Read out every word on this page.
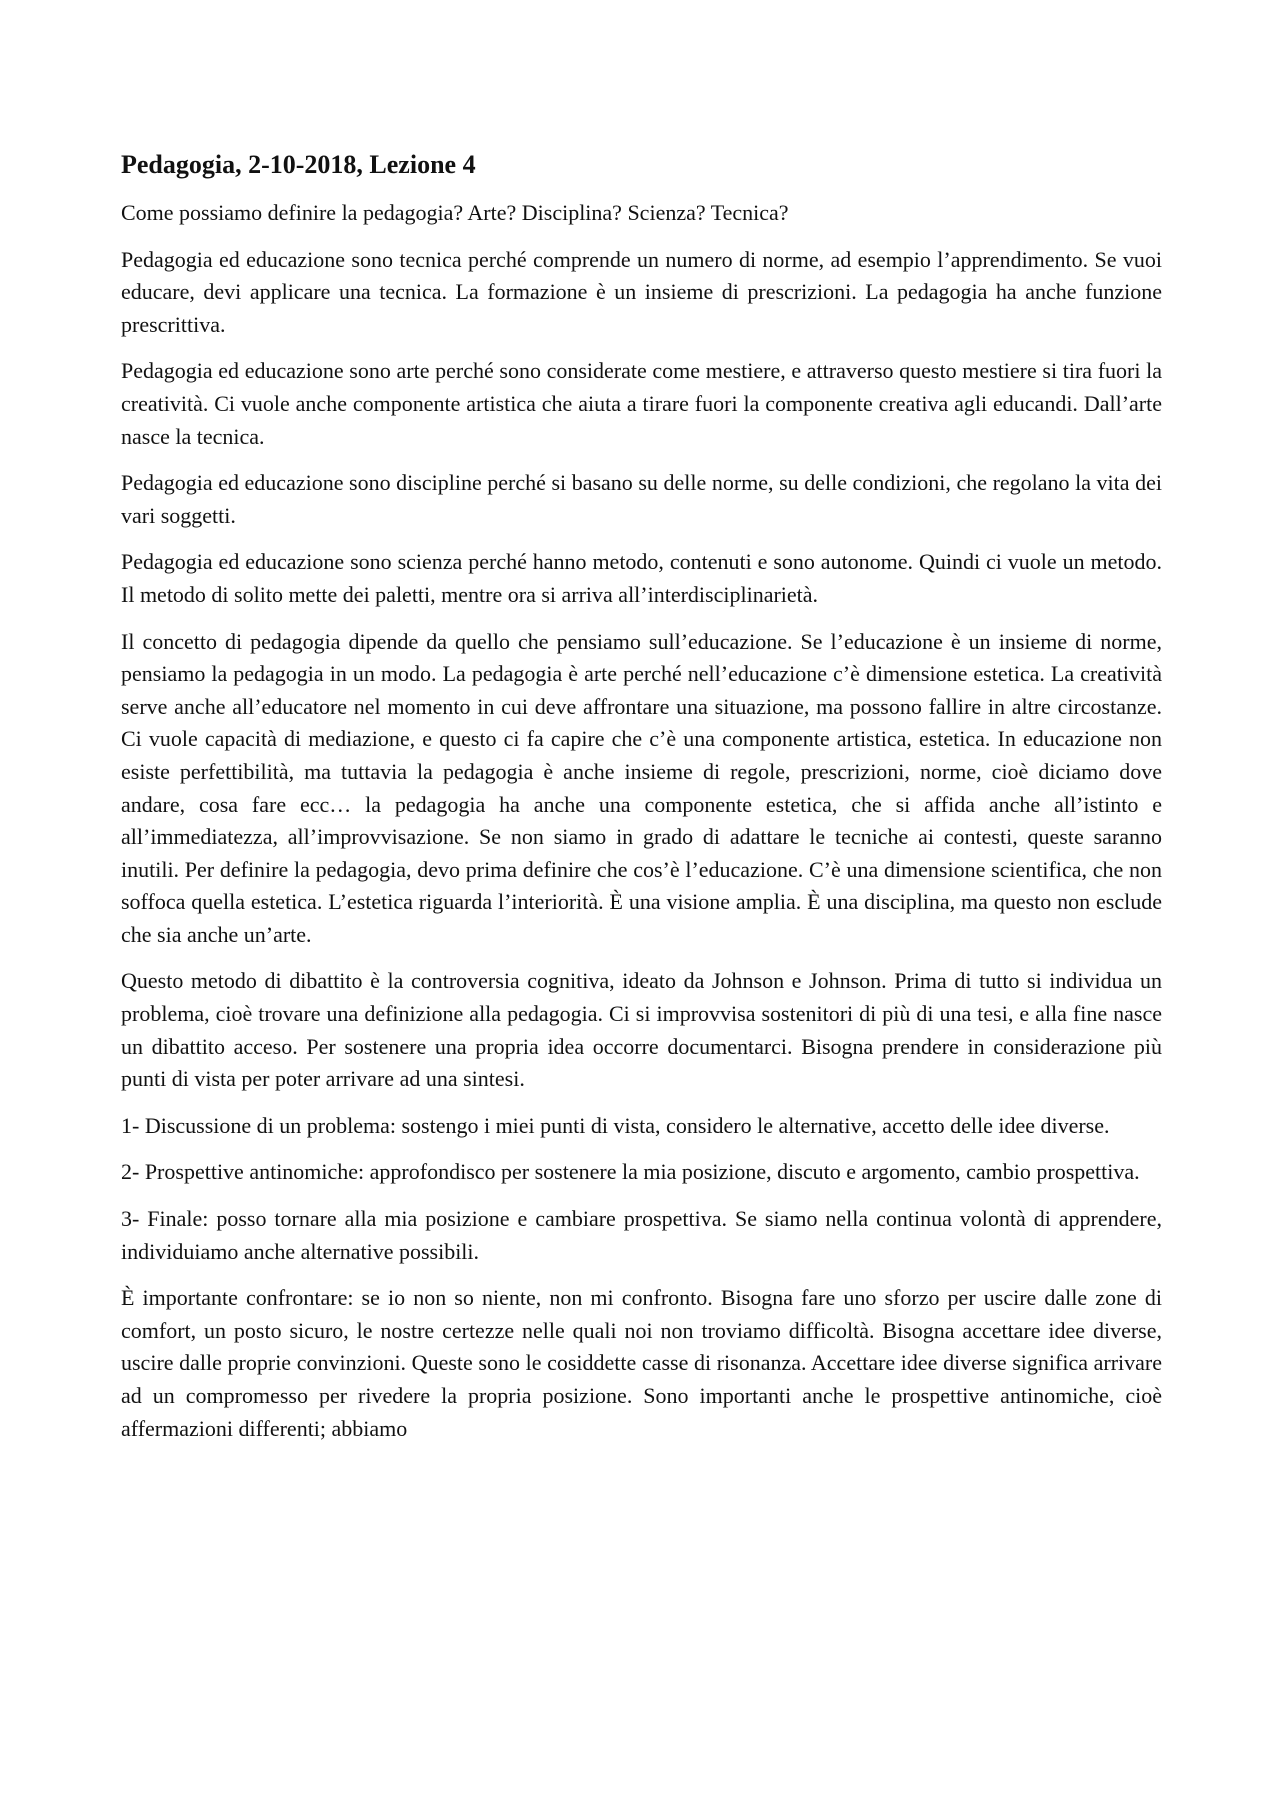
Pedagogia, 2-10-2018, Lezione 4

Come possiamo definire la pedagogia? Arte? Disciplina? Scienza? Tecnica?

Pedagogia ed educazione sono tecnica perché comprende un numero di norme, ad esempio l’apprendimento. Se vuoi educare, devi applicare una tecnica. La formazione è un insieme di prescrizioni. La pedagogia ha anche funzione prescrittiva.

Pedagogia ed educazione sono arte perché sono considerate come mestiere, e attraverso questo mestiere si tira fuori la creatività. Ci vuole anche componente artistica che aiuta a tirare fuori la componente creativa agli educandi. Dall’arte nasce la tecnica.

Pedagogia ed educazione sono discipline perché si basano su delle norme, su delle condizioni, che regolano la vita dei vari soggetti.

Pedagogia ed educazione sono scienza perché hanno metodo, contenuti e sono autonome. Quindi ci vuole un metodo. Il metodo di solito mette dei paletti, mentre ora si arriva all’interdisciplinarietà.

Il concetto di pedagogia dipende da quello che pensiamo sull’educazione. Se l’educazione è un insieme di norme, pensiamo la pedagogia in un modo. La pedagogia è arte perché nell’educazione c’è dimensione estetica. La creatività serve anche all’educatore nel momento in cui deve affrontare una situazione, ma possono fallire in altre circostanze. Ci vuole capacità di mediazione, e questo ci fa capire che c’è una componente artistica, estetica. In educazione non esiste perfettibilità, ma tuttavia la pedagogia è anche insieme di regole, prescrizioni, norme, cioè diciamo dove andare, cosa fare ecc… la pedagogia ha anche una componente estetica, che si affida anche all’istinto e all’immediatezza, all’improvvisazione. Se non siamo in grado di adattare le tecniche ai contesti, queste saranno inutili. Per definire la pedagogia, devo prima definire che cos’è l’educazione. C’è una dimensione scientifica, che non soffoca quella estetica. L’estetica riguarda l’interiorità. È una visione amplia. È una disciplina, ma questo non esclude che sia anche un’arte.

Questo metodo di dibattito è la controversia cognitiva, ideato da Johnson e Johnson. Prima di tutto si individua un problema, cioè trovare una definizione alla pedagogia. Ci si improvvisa sostenitori di più di una tesi, e alla fine nasce un dibattito acceso. Per sostenere una propria idea occorre documentarci. Bisogna prendere in considerazione più punti di vista per poter arrivare ad una sintesi.

1- Discussione di un problema: sostengo i miei punti di vista, considero le alternative, accetto delle idee diverse.

2- Prospettive antinomiche: approfondisco per sostenere la mia posizione, discuto e argomento, cambio prospettiva.

3- Finale: posso tornare alla mia posizione e cambiare prospettiva. Se siamo nella continua volontà di apprendere, individuiamo anche alternative possibili.

È importante confrontare: se io non so niente, non mi confronto. Bisogna fare uno sforzo per uscire dalle zone di comfort, un posto sicuro, le nostre certezze nelle quali noi non troviamo difficoltà. Bisogna accettare idee diverse, uscire dalle proprie convinzioni. Queste sono le cosiddette casse di risonanza. Accettare idee diverse significa arrivare ad un compromesso per rivedere la propria posizione. Sono importanti anche le prospettive antinomiche, cioè affermazioni differenti; abbiamo
